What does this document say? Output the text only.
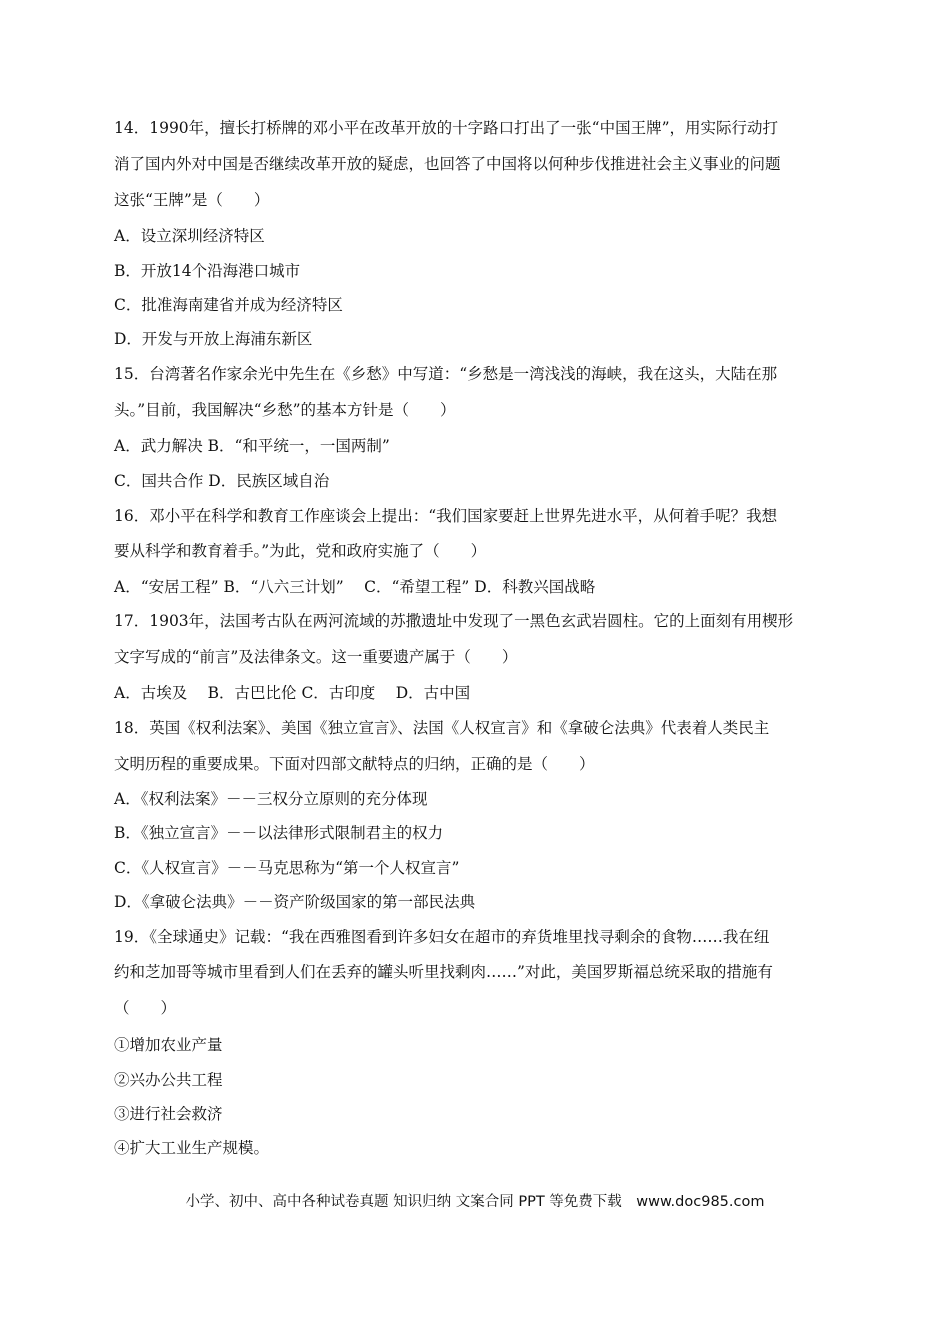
14．1990年，擅长打桥牌的邓小平在改革开放的十字路口打出了一张“中国王牌”，用实际行动打
消了国内外对中国是否继续改革开放的疑虑，也回答了中国将以何种步伐推进社会主义事业的问题
这张“王牌”是（　　）
A．设立深圳经济特区
B．开放14个沿海港口城市
C．批准海南建省并成为经济特区
D．开发与开放上海浦东新区
15．台湾著名作家余光中先生在《乡愁》中写道：“乡愁是一湾浅浅的海峡，我在这头，大陆在那
头。”目前，我国解决“乡愁”的基本方针是（　　）
A．武力解决 B．“和平统一，一国两制”
C．国共合作 D．民族区域自治
16．邓小平在科学和教育工作座谈会上提出：“我们国家要赶上世界先进水平，从何着手呢？我想
要从科学和教育着手。”为此，党和政府实施了（　　）
A．“安居工程” B．“八六三计划”　 C．“希望工程” D．科教兴国战略
17．1903年，法国考古队在两河流域的苏撒遗址中发现了一黑色玄武岩圆柱。它的上面刻有用楔形
文字写成的“前言”及法律条文。这一重要遗产属于（　　）
A．古埃及　 B．古巴比伦 C．古印度　 D．古中国
18．英国《权利法案》、美国《独立宣言》、法国《人权宣言》和《拿破仑法典》代表着人类民主
文明历程的重要成果。下面对四部文献特点的归纳，正确的是（　　）
A．《权利法案》－－三权分立原则的充分体现
B．《独立宣言》－－以法律形式限制君主的权力
C．《人权宣言》－－马克思称为“第一个人权宣言”
D．《拿破仑法典》－－资产阶级国家的第一部民法典
19．《全球通史》记载：“我在西雅图看到许多妇女在超市的弃货堆里找寻剩余的食物……我在纽
约和芝加哥等城市里看到人们在丢弃的罐头听里找剩肉……”对此，美国罗斯福总统采取的措施有
（　　）
①增加农业产量
②兴办公共工程
③进行社会救济
④扩大工业生产规模。
小学、初中、高中各种试卷真题 知识归纳 文案合同 PPT 等免费下载　www.doc985.com
